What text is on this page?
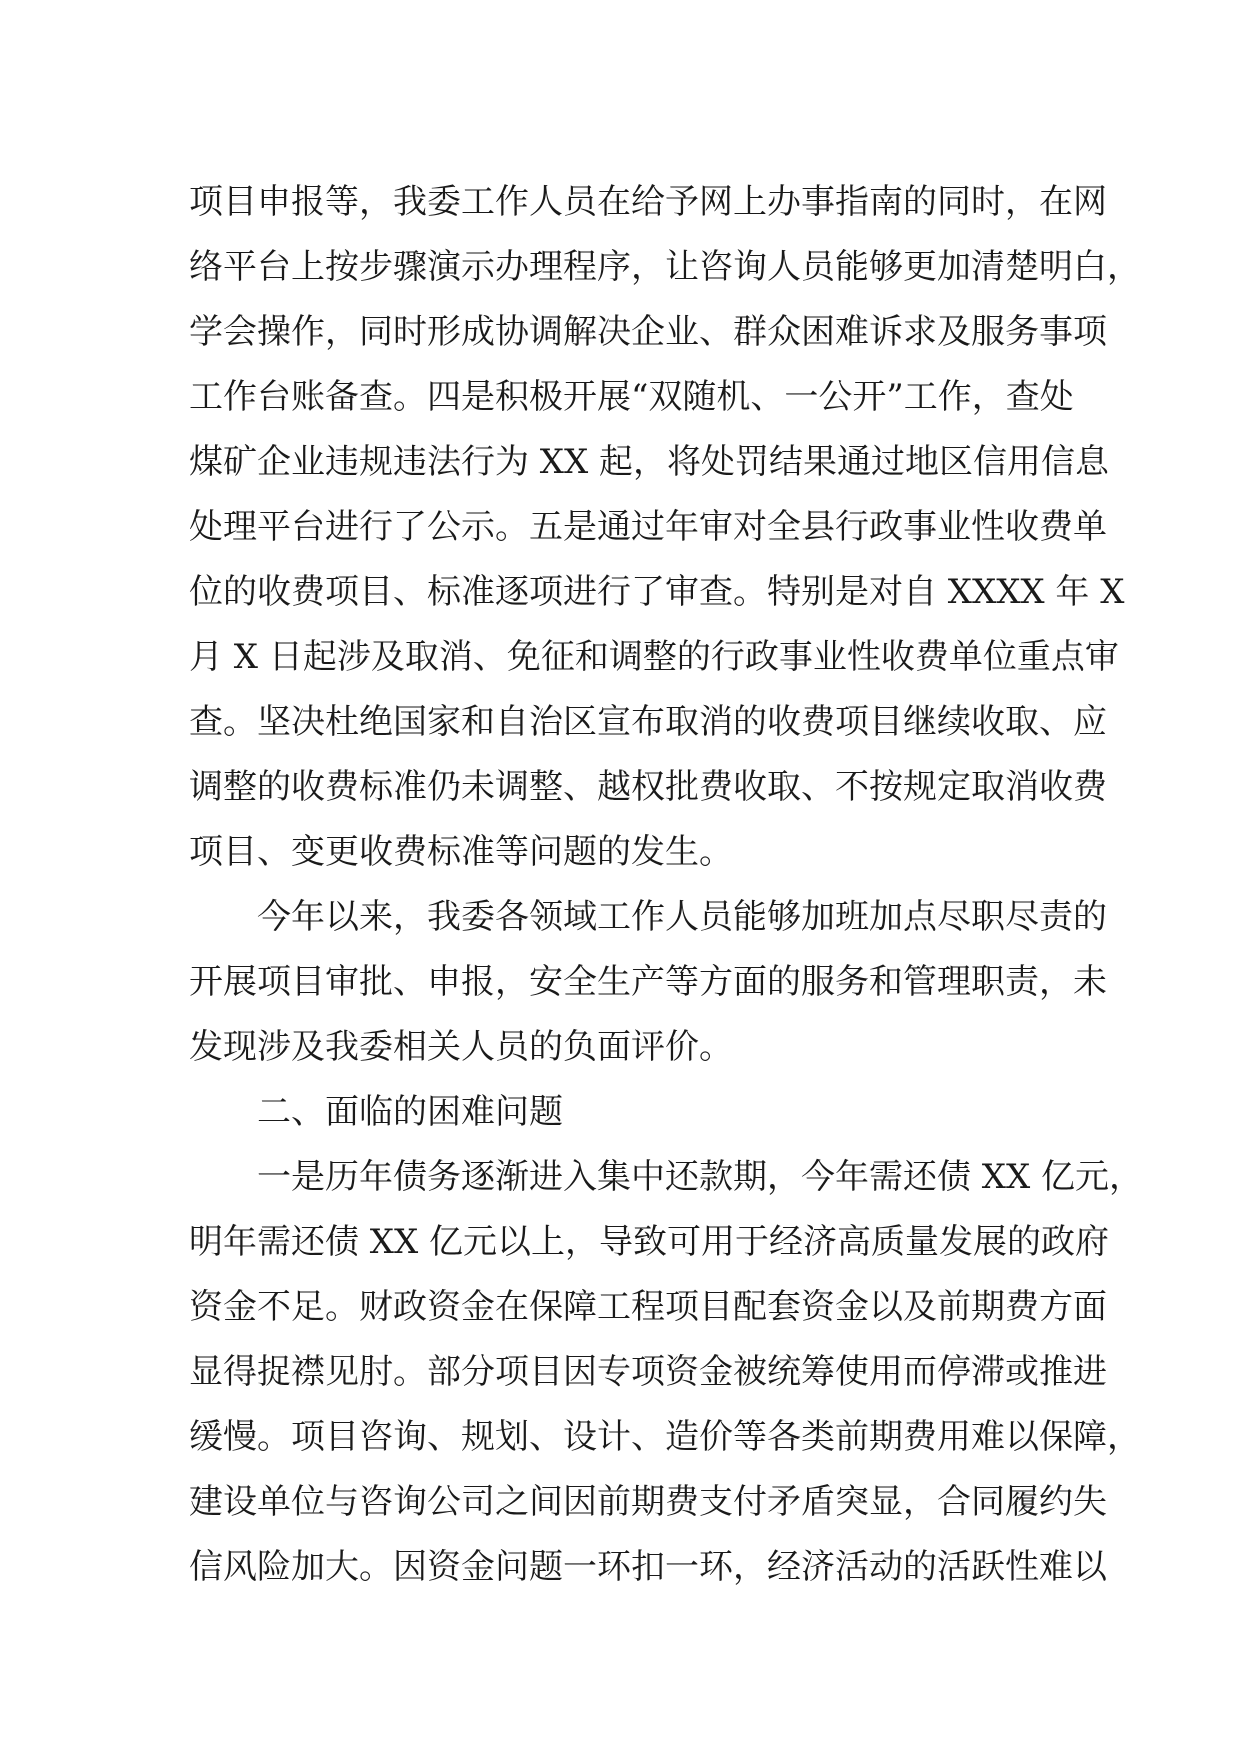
项目申报等，我委工作人员在给予网上办事指南的同时，在网
络平台上按步骤演示办理程序，让咨询人员能够更加清楚明白，
学会操作，同时形成协调解决企业、群众困难诉求及服务事项
工作台账备查。四是积极开展“双随机、一公开”工作，查处
煤矿企业违规违法行为 XX 起，将处罚结果通过地区信用信息
处理平台进行了公示。五是通过年审对全县行政事业性收费单
位的收费项目、标准逐项进行了审查。特别是对自 XXXX 年 X
月 X 日起涉及取消、免征和调整的行政事业性收费单位重点审
查。坚决杜绝国家和自治区宣布取消的收费项目继续收取、应
调整的收费标准仍未调整、越权批费收取、不按规定取消收费
项目、变更收费标准等问题的发生。
今年以来，我委各领域工作人员能够加班加点尽职尽责的
开展项目审批、申报，安全生产等方面的服务和管理职责，未
发现涉及我委相关人员的负面评价。
二、面临的困难问题
一是历年债务逐渐进入集中还款期，今年需还债 XX 亿元，
明年需还债 XX 亿元以上，导致可用于经济高质量发展的政府
资金不足。财政资金在保障工程项目配套资金以及前期费方面
显得捉襟见肘。部分项目因专项资金被统筹使用而停滞或推进
缓慢。项目咨询、规划、设计、造价等各类前期费用难以保障，
建设单位与咨询公司之间因前期费支付矛盾突显，合同履约失
信风险加大。因资金问题一环扣一环，经济活动的活跃性难以
